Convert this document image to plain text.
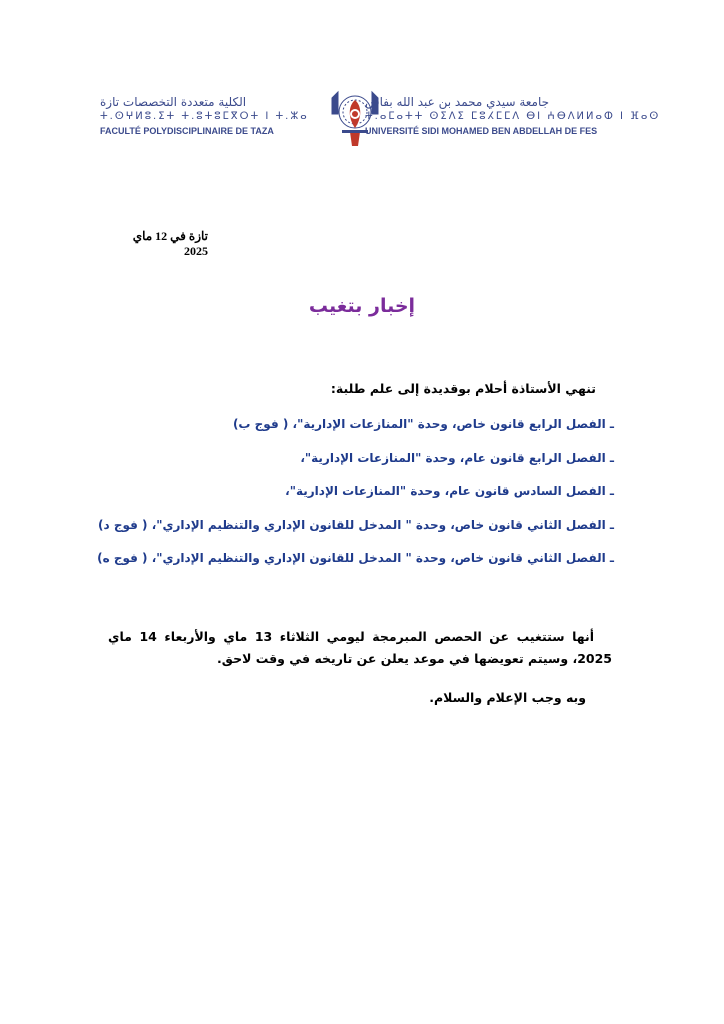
الكلية متعددة التخصصات تازة
ⵜ.ⵙⵖⵍⵓ.ⵉⵜ ⵜ.ⵓⵜⵓⵎⴳⵔⵜ ⵏ ⵜ.ⵣⴰ
FACULTÉ POLYDISCIPLINAIRE DE TAZA
جامعة سيدي محمد بن عبد الله بفاس
ⵜ.ⴰⵎⴰⵜⵜ ⵙⵉⴷⵉ ⵎⵓⵃⵎⵎⴷ ⴱⵏ ⵄⴱⴷⵍⵍⴰⵀ ⵏ ⴼⴰⵙ
UNIVERSITÉ SIDI MOHAMED BEN ABDELLAH DE FES
تازة في 12 ماي 2025
إخبار بتغيب
تنهي الأستاذة أحلام بوقديدة إلى علم طلبة:
ـ الفصل الرابع قانون خاص، وحدة "المنازعات الإدارية"، ( فوج ب)
ـ الفصل الرابع قانون عام، وحدة "المنازعات الإدارية"،
ـ الفصل السادس قانون عام، وحدة "المنازعات الإدارية"،
ـ الفصل الثاني قانون خاص، وحدة " المدخل للقانون الإداري والتنظيم الإداري"، ( فوج د)
ـ الفصل الثاني قانون خاص، وحدة " المدخل للقانون الإداري والتنظيم الإداري"، ( فوج ه)
أنها ستتغيب عن الحصص المبرمجة ليومي الثلاثاء 13 ماي والأربعاء 14 ماي 2025، وسيتم تعويضها في موعد يعلن عن تاريخه في وقت لاحق.
وبه وجب الإعلام والسلام.
